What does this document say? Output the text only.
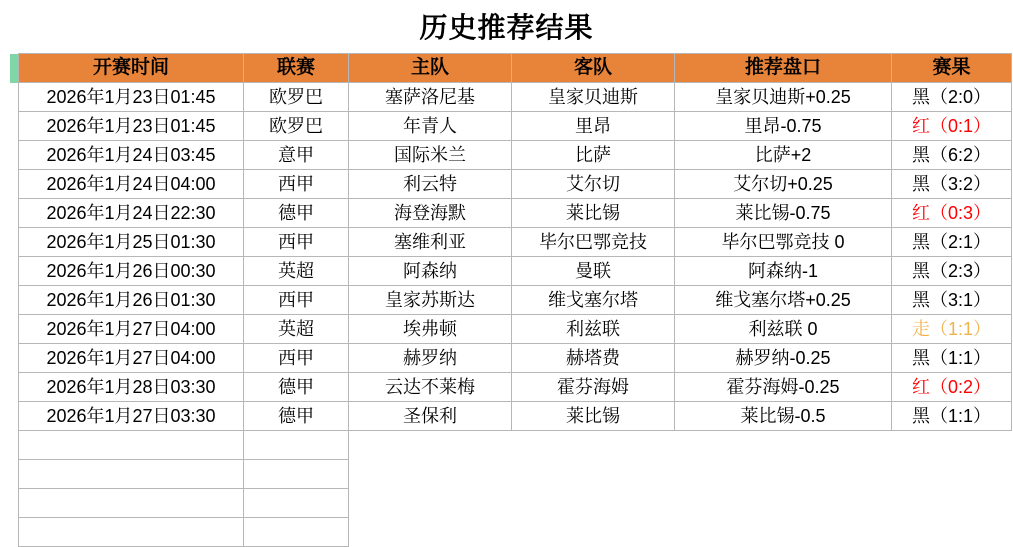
历史推荐结果
	开赛时间	联赛	主队	客队	推荐盘口	赛果
	2026年1月23日01:45	欧罗巴	塞萨洛尼基	皇家贝迪斯	皇家贝迪斯+0.25	黑（2:0）
	2026年1月23日01:45	欧罗巴	年青人	里昂	里昂-0.75	红（0:1）
	2026年1月24日03:45	意甲	国际米兰	比萨	比萨+2	黑（6:2）
	2026年1月24日04:00	西甲	利云特	艾尔切	艾尔切+0.25	黑（3:2）
	2026年1月24日22:30	德甲	海登海默	莱比锡	莱比锡-0.75	红（0:3）
	2026年1月25日01:30	西甲	塞维利亚	毕尔巴鄂竞技	毕尔巴鄂竞技 0	黑（2:1）
	2026年1月26日00:30	英超	阿森纳	曼联	阿森纳-1	黑（2:3）
	2026年1月26日01:30	西甲	皇家苏斯达	维戈塞尔塔	维戈塞尔塔+0.25	黑（3:1）
	2026年1月27日04:00	英超	埃弗顿	利兹联	利兹联 0	走（1:1）
	2026年1月27日04:00	西甲	赫罗纳	赫塔费	赫罗纳-0.25	黑（1:1）
	2026年1月28日03:30	德甲	云达不莱梅	霍芬海姆	霍芬海姆-0.25	红（0:2）
	2026年1月27日03:30	德甲	圣保利	莱比锡	莱比锡-0.5	黑（1:1）
